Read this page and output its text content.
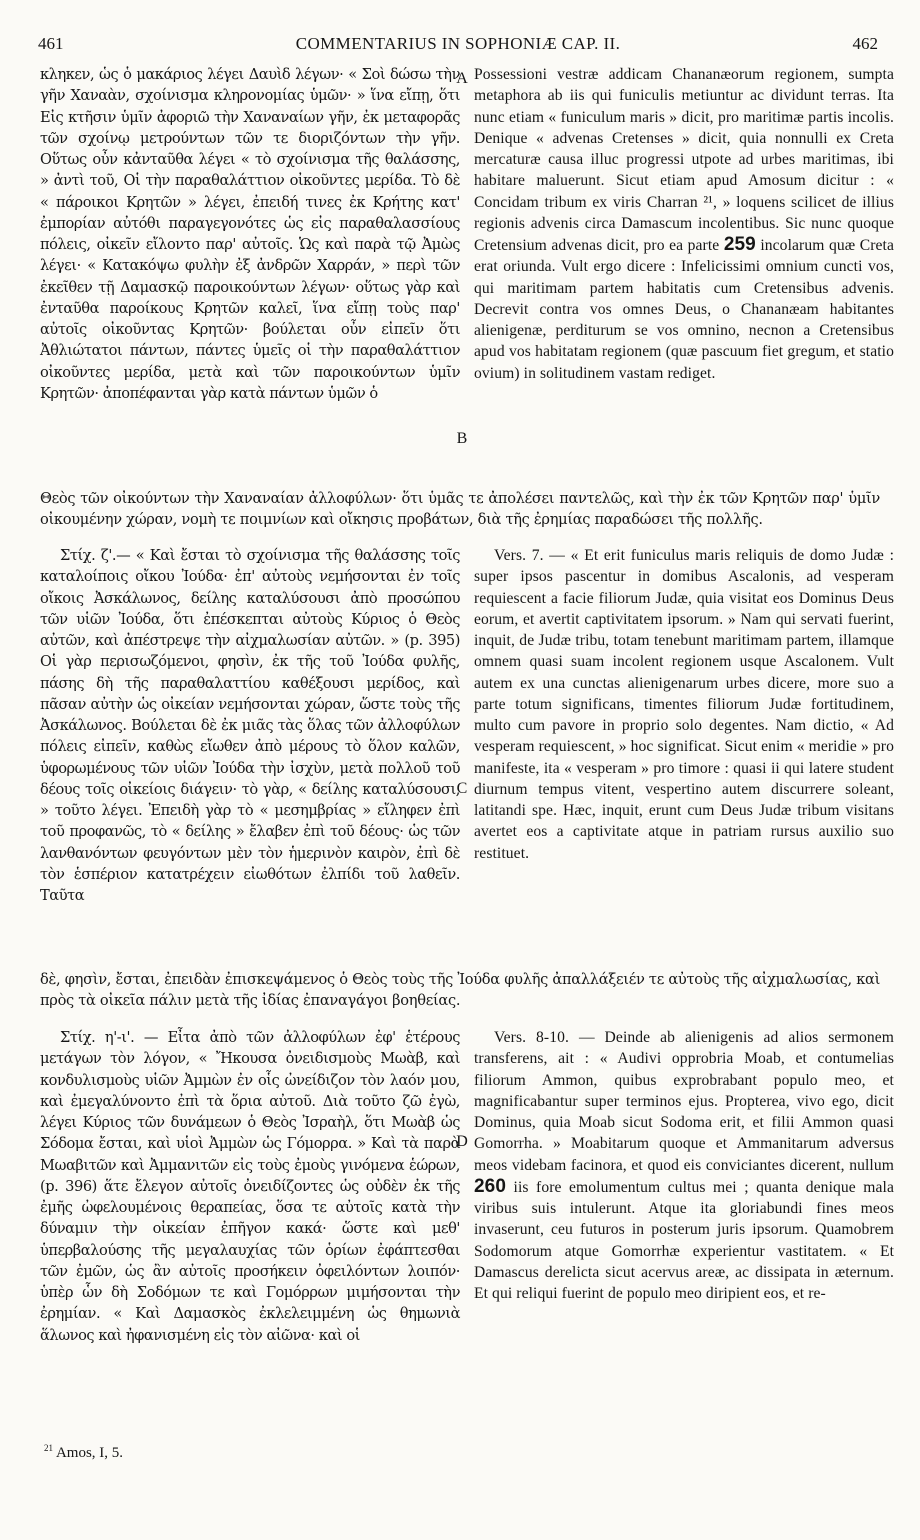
461	COMMENTARIUS IN SOPHONIÆ CAP. II.	462

κληκεν, ὡς ὁ μακάριος λέγει Δαυὶδ λέγων· « Σοὶ δώσω τὴν γῆν Χαναὰν, σχοίνισμα κληρονομίας ὑμῶν· » ἵνα εἴπῃ, ὅτι Εἰς κτῆσιν ὑμῖν ἀφοριῶ τὴν Χαναναίων γῆν, ἐκ μεταφορᾶς τῶν σχοίνῳ μετρούντων τῶν τε διοριζόντων τὴν γῆν. Οὕτως οὖν κἀνταῦθα λέγει « τὸ σχοίνισμα τῆς θαλάσσης, » ἀντὶ τοῦ, Οἱ τὴν παραθαλάττιον οἰκοῦντες μερίδα. Τὸ δὲ « πάροικοι Κρητῶν » λέγει, ἐπειδή τινες ἐκ Κρήτης κατ' ἐμπορίαν αὐτόθι παραγεγονότες ὡς εἰς παραθαλασσίους πόλεις, οἰκεῖν εἴλοντο παρ' αὐτοῖς. Ὡς καὶ παρὰ τῷ Ἀμὼς λέγει· « Κατακόψω φυλὴν ἐξ ἀνδρῶν Χαρράν, » περὶ τῶν ἐκεῖθεν τῇ Δαμασκῷ παροικούντων λέγων· οὕτως γὰρ καὶ ἐνταῦθα παροίκους Κρητῶν καλεῖ, ἵνα εἴπῃ τοὺς παρ' αὐτοῖς οἰκοῦντας Κρητῶν· βούλεται οὖν εἰπεῖν ὅτι Ἀθλιώτατοι πάντων, πάντες ὑμεῖς οἱ τὴν παραθαλάττιον οἰκοῦντες μερίδα, μετὰ καὶ τῶν παροικούντων ὑμῖν Κρητῶν· ἀποπέφανται γὰρ κατὰ πάντων ὑμῶν ὁ

Possessioni vestræ addicam Chananæorum regionem, sumpta metaphora ab iis qui funiculis metiuntur ac dividunt terras. Ita nunc etiam « funiculum maris » dicit, pro maritimæ partis incolis. Denique « advenas Cretenses » dicit, quia nonnulli ex Creta mercaturæ causa illuc progressi utpote ad urbes maritimas, ibi habitare maluerunt. Sicut etiam apud Amosum dicitur : « Concidam tribum ex viris Charran ²¹, » loquens scilicet de illius regionis advenis circa Damascum incolentibus. Sic nunc quoque Cretensium advenas dicit, pro ea parte 259 incolarum quæ Creta erat oriunda. Vult ergo dicere : Infelicissimi omnium cuncti vos, qui maritimam partem habitatis cum Cretensibus advenis. Decrevit contra vos omnes Deus, o Chananæam habitantes alienigenæ, perditurum se vos omnino, necnon a Cretensibus apud vos habitatam regionem (quæ pascuum fiet gregum, et statio ovium) in solitudinem vastam rediget.

Θεὸς τῶν οἰκούντων τὴν Χαναναίαν ἀλλοφύλων· ὅτι ὑμᾶς τε ἀπολέσει παντελῶς, καὶ τὴν ἐκ τῶν Κρητῶν παρ' ὑμῖν οἰκουμένην χώραν, νομὴ τε ποιμνίων καὶ οἴκησις προβάτων, διὰ τῆς ἐρημίας παραδώσει τῆς πολλῆς.

Στίχ. ζ'.— « Καὶ ἔσται τὸ σχοίνισμα τῆς θαλάσσης τοῖς καταλοίποις οἴκου Ἰούδα· ἐπ' αὐτοὺς νεμήσονται ἐν τοῖς οἴκοις Ἀσκάλωνος, δείλης καταλύσουσι ἀπὸ προσώπου τῶν υἱῶν Ἰούδα, ὅτι ἐπέσκεπται αὐτοὺς Κύριος ὁ Θεὸς αὐτῶν, καὶ ἀπέστρεψε τὴν αἰχμαλωσίαν αὐτῶν. » (p. 395) Οἱ γὰρ περισωζόμενοι, φησὶν, ἐκ τῆς τοῦ Ἰούδα φυλῆς, πάσης δὴ τῆς παραθαλαττίου καθέξουσι μερίδος, καὶ πᾶσαν αὐτὴν ὡς οἰκείαν νεμήσονται χώραν, ὥστε τοὺς τῆς Ἀσκάλωνος. Βούλεται δὲ ἐκ μιᾶς τὰς ὅλας τῶν ἀλλοφύλων πόλεις εἰπεῖν, καθὼς εἴωθεν ἀπὸ μέρους τὸ ὅλον καλῶν, ὑφορωμένους τῶν υἱῶν Ἰούδα τὴν ἰσχὺν, μετὰ πολλοῦ τοῦ δέους τοῖς οἰκείοις διάγειν· τὸ γὰρ, « δείλης καταλύσουσι, » τοῦτο λέγει. Ἐπειδὴ γὰρ τὸ « μεσημβρίας » εἴληφεν ἐπὶ τοῦ προφανῶς, τὸ « δείλης » ἔλαβεν ἐπὶ τοῦ δέους· ὡς τῶν λανθανόντων φευγόντων μὲν τὸν ἡμερινὸν καιρὸν, ἐπὶ δὲ τὸν ἑσπέριον κατατρέχειν εἰωθότων ἐλπίδι τοῦ λαθεῖν. Ταῦτα

Vers. 7. — « Et erit funiculus maris reliquis de domo Judæ : super ipsos pascentur in domibus Ascalonis, ad vesperam requiescent a facie filiorum Judæ, quia visitat eos Dominus Deus eorum, et avertit captivitatem ipsorum. » Nam qui servati fuerint, inquit, de Judæ tribu, totam tenebunt maritimam partem, illamque omnem quasi suam incolent regionem usque Ascalonem. Vult autem ex una cunctas alienigenarum urbes dicere, more suo a parte totum significans, timentes filiorum Judæ fortitudinem, multo cum pavore in proprio solo degentes. Nam dictio, « Ad vesperam requiescent, » hoc significat. Sicut enim « meridie » pro manifeste, ita « vesperam » pro timore : quasi ii qui latere student diurnum tempus vitent, vespertino autem discurrere soleant, latitandi spe. Hæc, inquit, erunt cum Deus Judæ tribum visitans avertet eos a captivitate atque in patriam rursus auxilio suo restituet.

δὲ, φησὶν, ἔσται, ἐπειδὰν ἐπισκεψάμενος ὁ Θεὸς τοὺς τῆς Ἰούδα φυλῆς ἀπαλλάξειέν τε αὐτοὺς τῆς αἰχμαλωσίας, καὶ πρὸς τὰ οἰκεῖα πάλιν μετὰ τῆς ἰδίας ἐπαναγάγοι βοηθείας.

Στίχ. η'-ι'. — Εἶτα ἀπὸ τῶν ἀλλοφύλων ἐφ' ἑτέρους μετάγων τὸν λόγον, « Ἤκουσα ὀνειδισμοὺς Μωὰβ, καὶ κονδυλισμοὺς υἱῶν Ἀμμὼν ἐν οἷς ὠνείδιζον τὸν λαόν μου, καὶ ἐμεγαλύνοντο ἐπὶ τὰ ὅρια αὐτοῦ. Διὰ τοῦτο ζῶ ἐγὼ, λέγει Κύριος τῶν δυνάμεων ὁ Θεὸς Ἰσραὴλ, ὅτι Μωὰβ ὡς Σόδομα ἔσται, καὶ υἱοὶ Ἀμμὼν ὡς Γόμορρα. » Καὶ τὰ παρὰ Μωαβιτῶν καὶ Ἀμμανιτῶν εἰς τοὺς ἐμοὺς γινόμενα ἑώρων, (p. 396) ἅτε ἔλεγον αὐτοῖς ὀνειδίζοντες ὡς οὐδὲν ἐκ τῆς ἐμῆς ὠφελουμένοις θεραπείας, ὅσα τε αὐτοῖς κατὰ τὴν δύναμιν τὴν οἰκείαν ἐπῆγον κακά· ὥστε καὶ μεθ' ὑπερβαλούσης τῆς μεγαλαυχίας τῶν ὁρίων ἐφάπτεσθαι τῶν ἐμῶν, ὡς ἂν αὐτοῖς προσήκειν ὀφειλόντων λοιπόν· ὑπὲρ ὧν δὴ Σοδόμων τε καὶ Γομόρρων μιμήσονται τὴν ἐρημίαν. « Καὶ Δαμασκὸς ἐκλελειμμένη ὡς θημωνιὰ ἅλωνος καὶ ἠφανισμένη εἰς τὸν αἰῶνα· καὶ οἱ

Vers. 8-10. — Deinde ab alienigenis ad alios sermonem transferens, ait : « Audivi opprobria Moab, et contumelias filiorum Ammon, quibus exprobrabant populo meo, et magnificabantur super terminos ejus. Propterea, vivo ego, dicit Dominus, quia Moab sicut Sodoma erit, et filii Ammon quasi Gomorrha. » Moabitarum quoque et Ammanitarum adversus meos videbam facinora, et quod eis conviciantes dicerent, nullum 260 iis fore emolumentum cultus mei ; quanta denique mala viribus suis intulerunt. Atque ita gloriabundi fines meos invaserunt, ceu futuros in posterum juris ipsorum. Quamobrem Sodomorum atque Gomorrhæ experientur vastitatem. « Et Damascus derelicta sicut acervus areæ, ac dissipata in æternum. Et qui reliqui fuerint de populo meo diripient eos, et re-

A
B
C
D
$^{21}$ Amos, I, 5.
